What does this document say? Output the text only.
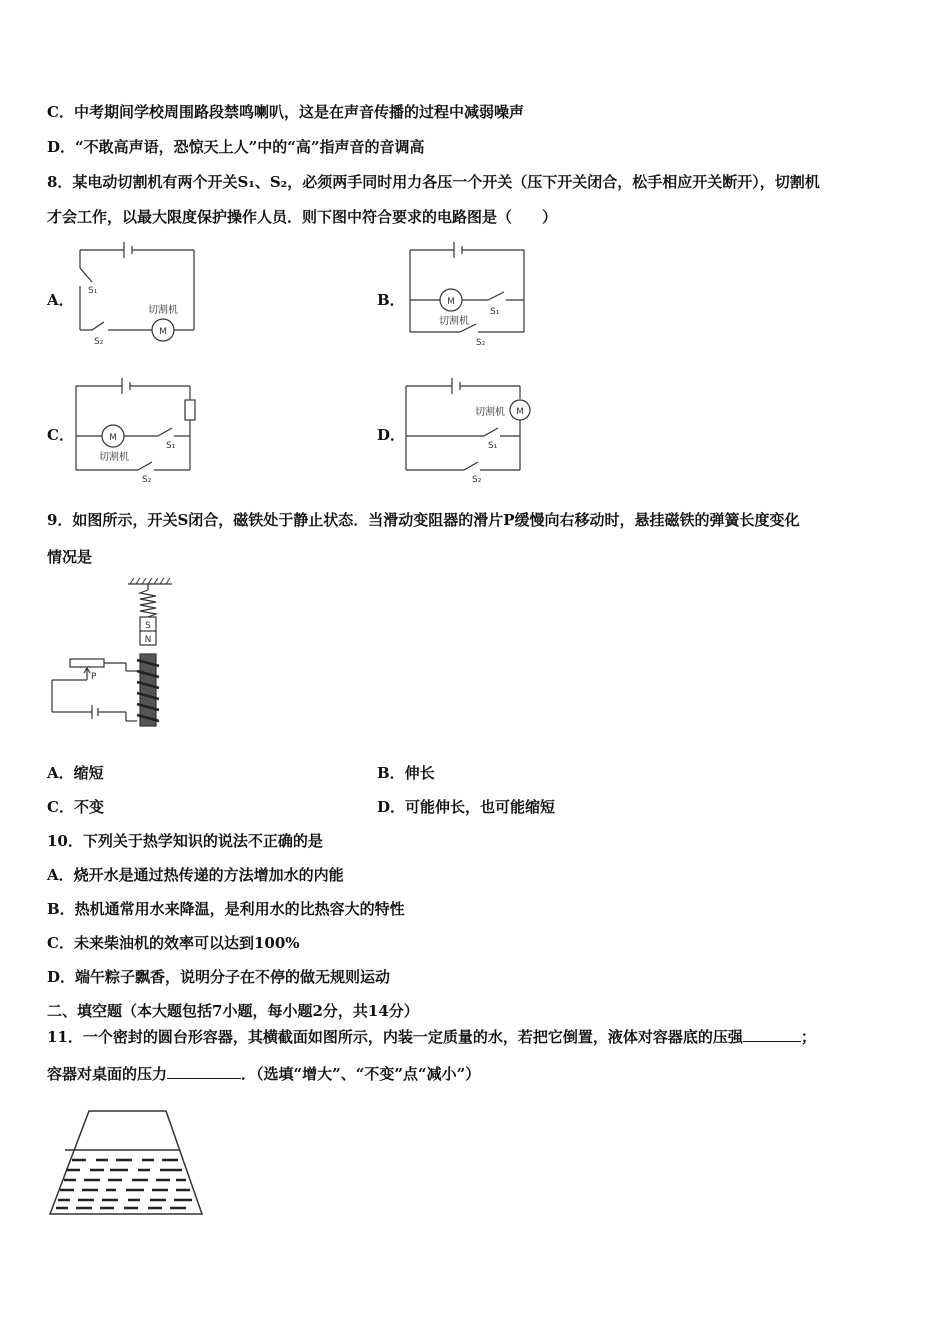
C．中考期间学校周围路段禁鸣喇叭，这是在声音传播的过程中减弱噪声
D．“不敢高声语，恐惊天上人”中的“高”指声音的音调高
8．某电动切割机有两个开关S₁、S₂，必须两手同时用力各压一个开关（压下开关闭合，松手相应开关断开），切割机
才会工作，以最大限度保护操作人员．则下图中符合要求的电路图是（　　）
A．	B．
C．	D．
M
切割机
S₁
S₂
M
切割机
S₁
S₂
M
切割机
S₁
S₂
M
切割机
S₁
S₂
9．如图所示，开关S闭合，磁铁处于静止状态．当滑动变阻器的滑片P缓慢向右移动时，悬挂磁铁的弹簧长度变化
情况是
S
N
P
A．缩短	B．伸长
C．不变	D．可能伸长，也可能缩短
10．下列关于热学知识的说法不正确的是
A．烧开水是通过热传递的方法增加水的内能
B．热机通常用水来降温，是利用水的比热容大的特性
C．未来柴油机的效率可以达到100%
D．端午粽子飘香，说明分子在不停的做无规则运动
二、填空题（本大题包括7小题，每小题2分，共14分）
11．一个密封的圆台形容器，其横截面如图所示，内装一定质量的水，若把它倒置，液体对容器底的压强	；
容器对桌面的压力	．（选填“增大”、“不变”点“减小”）
